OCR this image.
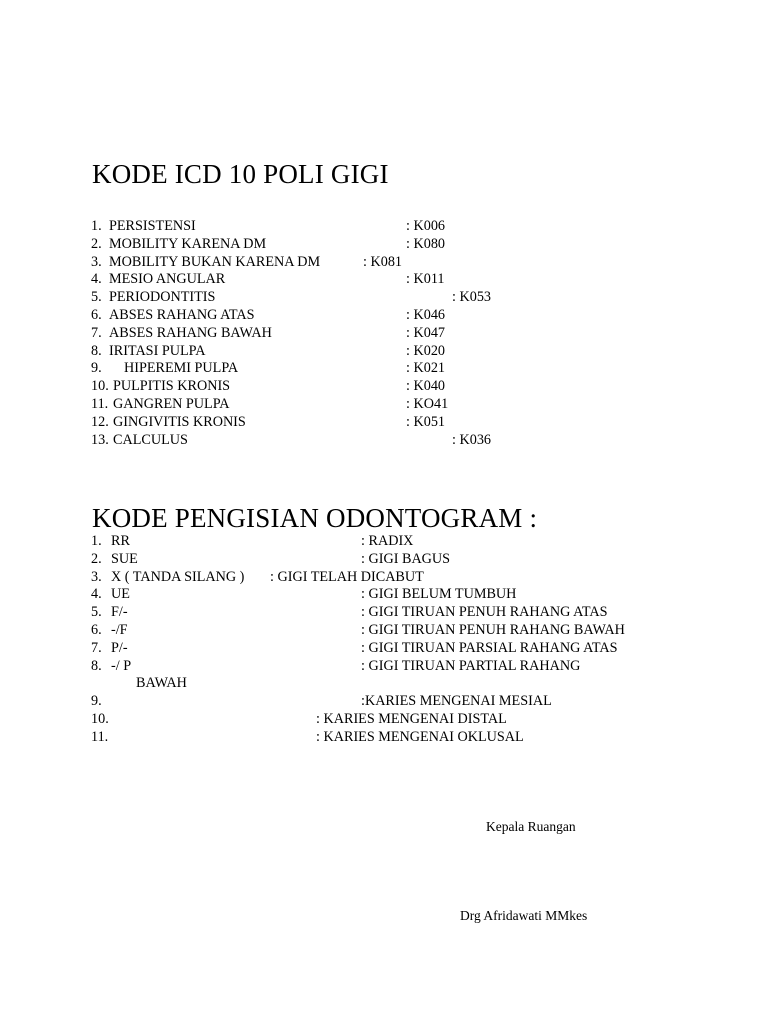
KODE ICD 10 POLI GIGI
1. PERSISTENSI	: K006
2. MOBILITY KARENA DM	: K080
3. MOBILITY BUKAN KARENA DM	: K081
4. MESIO ANGULAR	: K011
5. PERIODONTITIS	: K053
6. ABSES RAHANG ATAS	: K046
7. ABSES RAHANG BAWAH	: K047
8. IRITASI PULPA	: K020
9. HIPEREMI PULPA	: K021
10. PULPITIS KRONIS	: K040
11. GANGREN PULPA	: KO41
12. GINGIVITIS KRONIS	: K051
13. CALCULUS	: K036
KODE PENGISIAN ODONTOGRAM :
1. RR	: RADIX
2. SUE	: GIGI BAGUS
3. X ( TANDA SILANG ) : GIGI TELAH DICABUT
4. UE	: GIGI BELUM TUMBUH
5. F/-	: GIGI TIRUAN PENUH RAHANG ATAS
6. -/F	: GIGI TIRUAN PENUH RAHANG BAWAH
7. P/-	: GIGI TIRUAN PARSIAL RAHANG ATAS
8. -/ P	: GIGI TIRUAN PARTIAL RAHANG
BAWAH
9.	:KARIES MENGENAI MESIAL
10.	: KARIES MENGENAI DISTAL
11.	: KARIES MENGENAI OKLUSAL
Kepala Ruangan
Drg Afridawati MMkes
